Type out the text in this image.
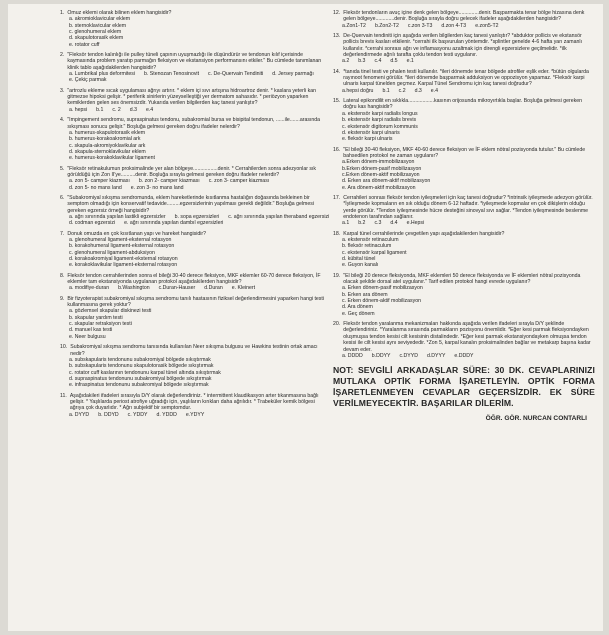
1 . Omuz eklemi olarak bilinen eklem hangisidir?
a. akromioklavicular eklem
b. sternoklavicular eklem
c. glenohumeral eklem
d. skapulotorasik eklem
e. rotator cuff
2 . "Fleksör tendon kalınlığı ile pulley tüneli çapının uyuşmazlığı ile düşündürür ve tendonun kılıf içerisinde kaymasında problem yaratıp parmağın fleksiyon ve ekstansiyon performansını etkiler." Bu cümlede tanımlanan klinik tablo aşağıdakilerden hangisidir?
a. Lumbrikal plus deformitesi b. Stenozan Tenosinovit c. De-Quervain Tendiniti d. Jersey parmağı
e. Çekiç parmak
3 . "artrozlu ekleme sıcak uygulaması ağrıyı artırır. * eklem içi sıvı artışına hidroartroz denir. * kaslara yeterli kan gitmezse hipoksi gelişir. * periferik sinirlerin yüzeyselleştiği yer dermatom sahasıdır. * periözyon yaparken kemiklerden gelen ses önemsizdir. Yukarıda verilen bilgilerden kaç tanesi yanlıştır?
a. hepsi b.1 c. 2 d.3 e.4
4 . "Impingement sendromu, supraspinatus tendonu, subakromial bursa ve bisipital tendonun, ......ile.......arasında sıkışması sonucu gelişir." Boşluğa gelmesi gereken doğru ifadeler nelerdir?
a. humerus-skapulotorasik eklem
b. humerus-korakoakromial ark
c. skapula-akromiyoklavikular ark
d. skapula-sternoklavikular eklem
e. humerus-korakoklavikular ligament
5 . "Fleksör retinakulumun proksimalinde yer alan bölgeye.................denir. * Cerrahilerden sonra adezyonlar sık görüldüğü için Zon II'ye..........denir. Boşluğa sırayla gelmesi gereken doğru ifadeler nelerdir?
a. zon 5- camper kiazması b. zon 2- camper kiazması c. zon 3- camper kiazması
d. zon 5- no mans land e. zon 3- no mans land
6 . "Subakromiyal sıkışma sendromunda, eklem hareketlerinde kısıtlanma hastalığın doğasında bekleinen bir semptom olmadığı için konservatif tedavide.........egzersizlerinin yapılması gerekli değildir." Boşluğa gelmesi gereken egzersiz örneği hangisidir?
a. ağrı sınırında yapılan lastikli egzersizler b. sopa egzersizleri c. ağrı sınırında yapılan theraband egzersizi
d. codman egzersizi e. ağrı sınırında yapılan dambıl egzersizleri
7 . Donuk omuzda en çok kısıtlanan yapı ve hareket hangisidir?
a. glenohumeral ligament-eksternal rotasyon
b. korakohumeral ligament-eksternal rotasyon
c. glenohumeral ligament-abduksiyon
d. korakoakromiyal ligament-eksternal rotasyon
e. korakoklavikular ligament-eksternal rotasyon
8 . Fleksör tendon cerrahilerinden sonra el bileği 30-40 derece fleksiyon, MKF eklemler 60-70 derece fleksiyon, İF eklemler tam ekstansiyonda uygulanan protokol aşağıdakilerden hangisidir?
a. modifiye-duran b.Washington c.Duran-Hauser d.Duran e. Kleinert
9 . Bir fizyoterapist subakromiyal sıkışma sendromu tanılı hastasının fiziksel değerlendirmesini yaparken hangi testi kullanmasına gerek yoktur?
a. gözlemsel skapular diskinezi testi
b. skapular yardım testi
c. skapular retraksiyon testi
d. manuel kas testi
e. Neer bulgusu
10 . Subakromiyal sıkışma sendromu tanısında kullanılan Neer sıkışma bulgusu ve Hawkins testinin ortak amacı nedir?
a. subskapularis tendonunu subakromiyal bölgede sıkıştırmak
b. subskapularis tendonunu skapulotorasik bölgede sıkıştırmak
c. rotator cuff kaslarının tendonunu karpal tünel altında sıkıştırmak
d. supraspinatus tendonunu subakromiyal bölgede sıkıştırmak
e. infraspinatus tendonunu subakromiyal bölgede sıkıştırmak
11 . Aşağıdakileri ifadeleri sırasıyla D/Y olarak değerlendiriniz. * intermittent klaudikasyon arter tıkanmasına bağlı gelişir. * Yaşlılarda periost atrofiye uğradığı için, yaşlıların kırıkları daha ağrılıdır. * Trabeküler kemik bölgesi ağrıya çok duyarlıdır. * Ağrı subjektif bir semptomdur.
a. DYYD b. DDYD c. YDDY d. YDDD e.YDYY
12 . Fleksör tendonların avuç içine denk gelen bölgeye..............denir. Başparmakta tenar bölge hizasına denk gelen bölgeye.............denir. Boşluğa sırayla doğru gelecek ifadeler aşağıdakilerden hangisidir?
a.Zon1-T2 b.Zon2-T2 c.zon 3-T3 d.zon 4-T3 e.zon5-T2
13 . De-Quervain tendiniti için aşağıda verilen bilgilerden kaç tanesi yanlıştır? *abduktor pollicis ve ekstansör pollicis brevis kasları etkilenir. *cerrahi ilk başvurulan yöntemdir. *splintler genelde 4-6 hafta yarı zamanlı kullanılır. *cerrahi sonrası ağrı ve inflamasyonu azaltmak için direngli egzersizlere geçilmelidir. *ilk değerlendirmede ağrılı tarafta çoklu tendon testi uygulanır.
a.2 b.3 c.4 d.5 e.1
14 . *tanıda tinel testi ve phalen testi kullanılır. *ileri dönemde tenar bölgede atrofiler eşlik eder. *bütün olgularda rayınoot fenomeni görülür. *ileri dönemde başparmak adduksiyon ve oppozisyon yapamaz. *Fleksör karpi ulnaris karpal tünelden geçmez. Karpal Tünel Sendromu için kaç tanesi doğrudur?
a.hepsi doğru b.1 c.2 d.3 e.4
15 . Lateral epikondilit en sıklıkla..................kasının orijosunda mikroyırtıkla başlar. Boşluğa gelmesi gereken doğru kas hangisidir?
a. ekstensör karpi radialis longus
b. ekstensör karpi radialis brevis
c. ekstensör digitorum kommunis
d. ekstensör karpi ulnaris
e. fleksör karpi ulnaris
16 . "El bileği 30-40 fleksiyon, MKF 40-60 derece fleksiyon ve İF eklem nötral pozisyonda tutulur." Bu cümlede bahsedilen protokol ne zaman uygulanır?
a.Erken dönem-immobilizasyon
b.Erken dönem-pasif mobilizasyon
c.Erken dönem-aktif mobilizasyon
d. Erken ara dönem-aktif mobilizasyon
e. Ara dönem-aktif mobilizasyon
17 . Cerrahileri sonrası fleksör tendon iyileşmeleri için kaç tanesi doğrudur? *intrinsik iyileşmede adezyon görülür. *İyileşmede kopmaların en sık olduğu dönem 6-12 haftadır. *iyileşmede kopmalar en çok dikişlerin olduğu yerde görülür. *Tendon iyileşmesinde hücre desteğini sinovyal sıvı sağlar. *Tendon iyileşmesinde beslenme endotenon tarafından sağlanır.
a.1 b.2 c.3 d.4 e.Hepsi
18 . Karpal tünel cerrahilerinde çevgetilen yapı aşağıdakilerden hangisidir?
a. ekstensör retinaculum
b. fleksör retinaculum
c. ekstensör karpal ligament
d. kübital tünel
e. Guyon kanalı
19 . "El bileği 20 derece fleksiyonda, MKF eklemleri 50 derece fleksiyonda ve İF eklemleri nötral pozisyonda olacak şekilde dorsal atel uygulanır." Tarif edilen protokol hangi evrede uygulanır?
a. Erken dönem-pasif mobilizasyon
b. Erken ara dönem
c. Erken dönem-aktif mobilizasyon
d. Ara dönem
e. Geç dönem
20 . Fleksör tendon yaralanma mekanizmaları hakkında aşağıda verilen ifadeleri sırayla D/Y şeklinde değerlendiriniz. *Yaralanma sırasında parmakların pozisyonu önemlidir. *Eğer kesi parmak fleksiyondayken oluşmuşsa tendon kesisi cilt kesisinin distalindedir. *Eğer kesi parmak ekstansiyondayken olmuşsa tendon kesisi ile cilt kesisi aynı seviyededir. *Zon 5, karpal kanalın proksimalinden bağlar ve metakarp başına kadar devam eder.
a. DDDD b.DDYY c.DYYD d.DYYY e.DDDY
NOT: SEVGİLİ ARKADAŞLAR SÜRE: 30 DK. CEVAPLARINIZI MUTLAKA OPTİK FORMA İŞARETLEYİN. OPTİK FORMA İŞARETLENMEYEN CEVAPLAR GEÇERSİZDİR. EK SÜRE VERİLMEYECEKTİR. BAŞARILAR DİLERİM.
ÖĞR. GÖR. NURCAN CONTARLI
